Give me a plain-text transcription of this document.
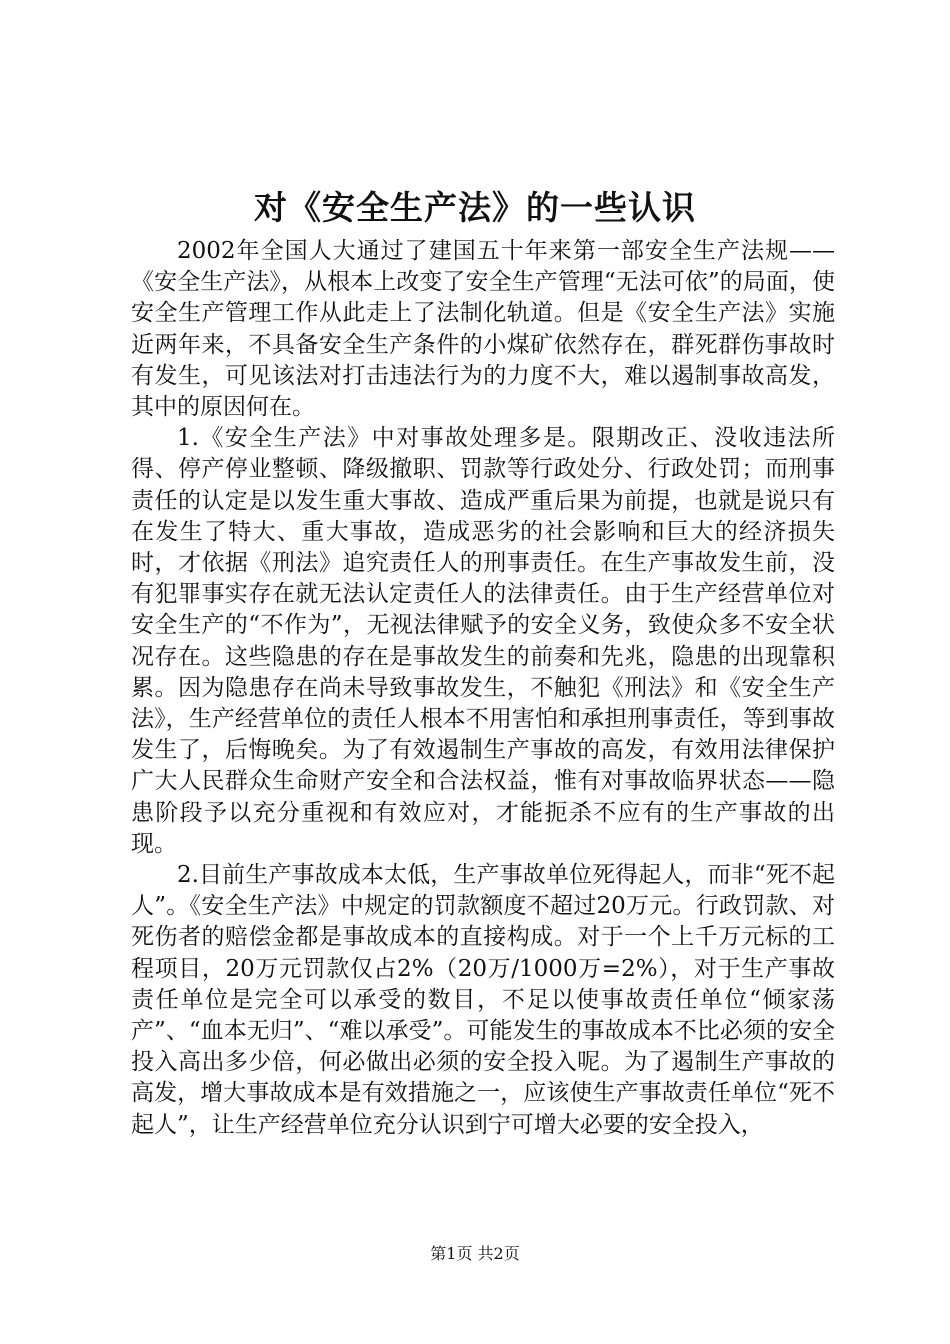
对《安全生产法》的一些认识

2002年全国人大通过了建国五十年来第一部安全生产法规——《安全生产法》，从根本上改变了安全生产管理“无法可依”的局面，使安全生产管理工作从此走上了法制化轨道。但是《安全生产法》实施近两年来，不具备安全生产条件的小煤矿依然存在，群死群伤事故时有发生，可见该法对打击违法行为的力度不大，难以遏制事故高发，其中的原因何在。

1.《安全生产法》中对事故处理多是。限期改正、没收违法所得、停产停业整顿、降级撤职、罚款等行政处分、行政处罚；而刑事责任的认定是以发生重大事故、造成严重后果为前提，也就是说只有在发生了特大、重大事故，造成恶劣的社会影响和巨大的经济损失时，才依据《刑法》追究责任人的刑事责任。在生产事故发生前，没有犯罪事实存在就无法认定责任人的法律责任。由于生产经营单位对安全生产的“不作为”，无视法律赋予的安全义务，致使众多不安全状况存在。这些隐患的存在是事故发生的前奏和先兆，隐患的出现靠积累。因为隐患存在尚未导致事故发生，不触犯《刑法》和《安全生产法》，生产经营单位的责任人根本不用害怕和承担刑事责任，等到事故发生了，后悔晚矣。为了有效遏制生产事故的高发，有效用法律保护广大人民群众生命财产安全和合法权益，惟有对事故临界状态——隐患阶段予以充分重视和有效应对，才能扼杀不应有的生产事故的出现。

2.目前生产事故成本太低，生产事故单位死得起人，而非“死不起人”。《安全生产法》中规定的罚款额度不超过20万元。行政罚款、对死伤者的赔偿金都是事故成本的直接构成。对于一个上千万元标的工程项目，20万元罚款仅占2%（20万/1000万=2%），对于生产事故责任单位是完全可以承受的数目，不足以使事故责任单位“倾家荡产”、“血本无归”、“难以承受”。可能发生的事故成本不比必须的安全投入高出多少倍，何必做出必须的安全投入呢。为了遏制生产事故的高发，增大事故成本是有效措施之一，应该使生产事故责任单位“死不起人”，让生产经营单位充分认识到宁可增大必要的安全投入，

第1页 共2页
